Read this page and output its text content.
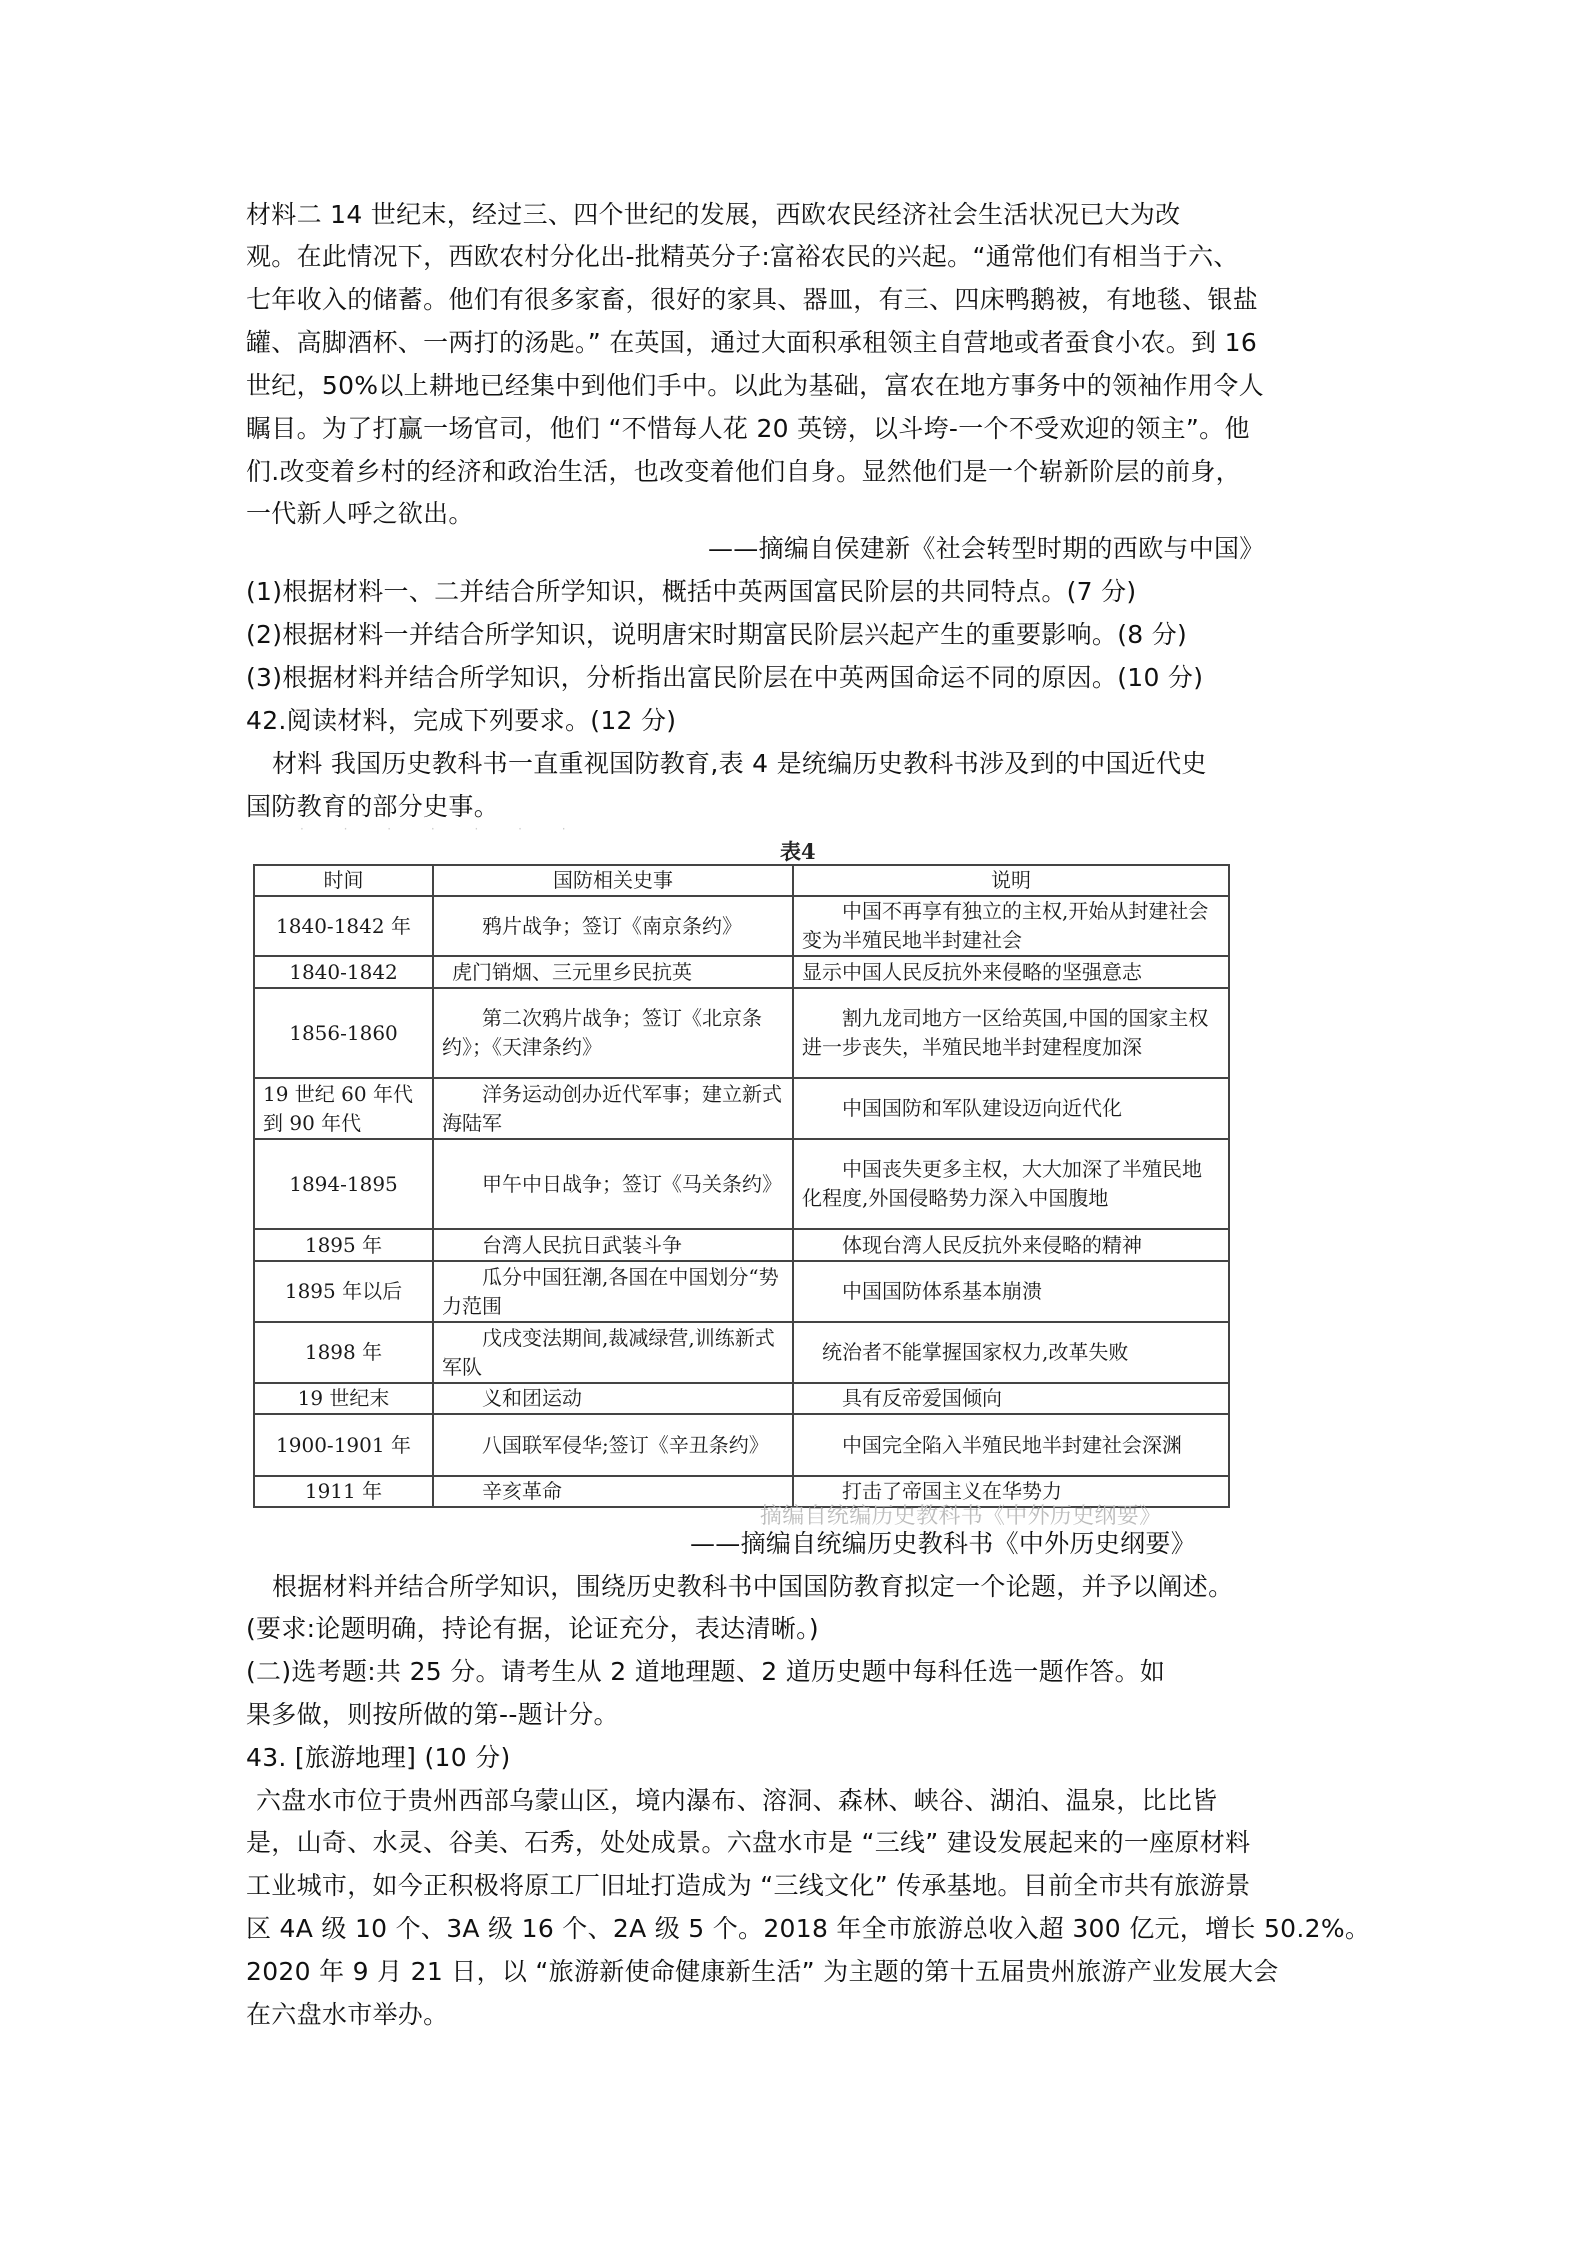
材料二 14 世纪末，经过三、四个世纪的发展，西欧农民经济社会生活状况已大为改
观。在此情况下，西欧农村分化出-批精英分子:富裕农民的兴起。“通常他们有相当于六、
七年收入的储蓄。他们有很多家畜，很好的家具、器皿，有三、四床鸭鹅被，有地毯、银盐
罐、高脚酒杯、一两打的汤匙。” 在英国，通过大面积承租领主自营地或者蚕食小农。到 16
世纪，50%以上耕地已经集中到他们手中。以此为基础，富农在地方事务中的领袖作用令人
瞩目。为了打赢一场官司，他们 “不惜每人花 20 英镑，以斗垮-一个不受欢迎的领主”。他
们.改变着乡村的经济和政治生活，也改变着他们自身。显然他们是一个崭新阶层的前身，
一代新人呼之欲出。
——摘编自侯建新《社会转型时期的西欧与中国》
(1)根据材料一、二并结合所学知识，概括中英两国富民阶层的共同特点。(7 分)
(2)根据材料一并结合所学知识，说明唐宋时期富民阶层兴起产生的重要影响。(8 分)
(3)根据材料并结合所学知识，分析指出富民阶层在中英两国命运不同的原因。(10 分)
42.阅读材料，完成下列要求。(12 分)
材料 我国历史教科书一直重视国防教育,表 4 是统编历史教科书涉及到的中国近代史
国防教育的部分史事。
· · · · · · ·
表4
时间	国防相关史事	说明
1840-1842 年	鸦片战争；签订《南京条约》	中国不再享有独立的主权,开始从封建社会变为半殖民地半封建社会
1840-1842	虎门销烟、三元里乡民抗英	显示中国人民反抗外来侵略的坚强意志
1856-1860	第二次鸦片战争；签订《北京条约》；《天津条约》	割九龙司地方一区给英国,中国的国家主权进一步丧失，半殖民地半封建程度加深
19 世纪 60 年代到 90 年代	洋务运动创办近代军事；建立新式海陆军	中国国防和军队建设迈向近代化
1894-1895	甲午中日战争；签订《马关条约》	中国丧失更多主权，大大加深了半殖民地化程度,外国侵略势力深入中国腹地
1895 年	台湾人民抗日武装斗争	体现台湾人民反抗外来侵略的精神
1895 年以后	瓜分中国狂潮,各国在中国划分“势力范围	中国国防体系基本崩溃
1898 年	戊戌变法期间,裁减绿营,训练新式军队	统治者不能掌握国家权力,改革失败
19 世纪末	义和团运动	具有反帝爱国倾向
1900-1901 年	八国联军侵华;签订《辛丑条约》	中国完全陷入半殖民地半封建社会深渊
1911 年	辛亥革命	打击了帝国主义在华势力
摘编自统编历史教科书《中外历史纲要》
——摘编自统编历史教科书《中外历史纲要》
根据材料并结合所学知识，围绕历史教科书中国国防教育拟定一个论题，并予以阐述。
(要求:论题明确，持论有据，论证充分，表达清晰。)
(二)选考题:共 25 分。请考生从 2 道地理题、2 道历史题中每科任选一题作答。如
果多做，则按所做的第--题计分。
43. [旅游地理] (10 分)
六盘水市位于贵州西部乌蒙山区，境内瀑布、溶洞、森林、峡谷、湖泊、温泉，比比皆
是，山奇、水灵、谷美、石秀，处处成景。六盘水市是 “三线” 建设发展起来的一座原材料
工业城市，如今正积极将原工厂旧址打造成为 “三线文化” 传承基地。目前全市共有旅游景
区 4A 级 10 个、3A 级 16 个、2A 级 5 个。2018 年全市旅游总收入超 300 亿元，增长 50.2%。
2020 年 9 月 21 日，以 “旅游新使命健康新生活” 为主题的第十五届贵州旅游产业发展大会
在六盘水市举办。
